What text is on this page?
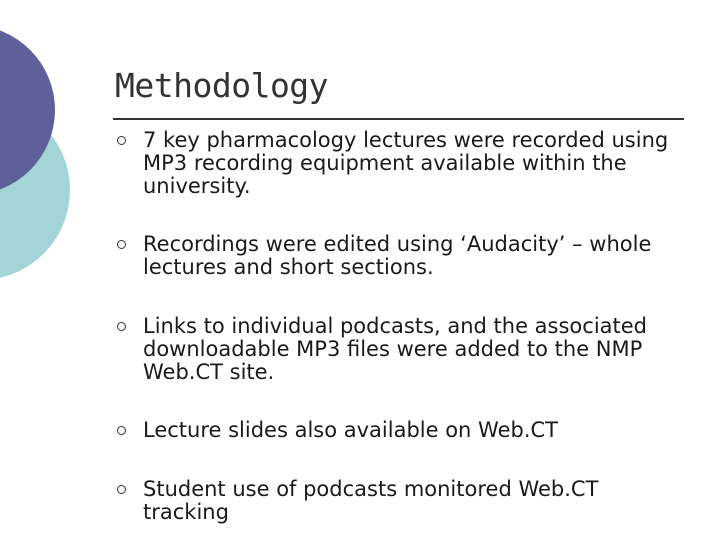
Methodology
7 key pharmacology lectures were recorded using MP3 recording equipment available within the university.
Recordings were edited using ‘Audacity’ – whole lectures and short sections.
Links to individual podcasts, and the associated downloadable MP3 files were added to the NMP Web.CT site.
Lecture slides also available on Web.CT
Student use of podcasts monitored Web.CT tracking
